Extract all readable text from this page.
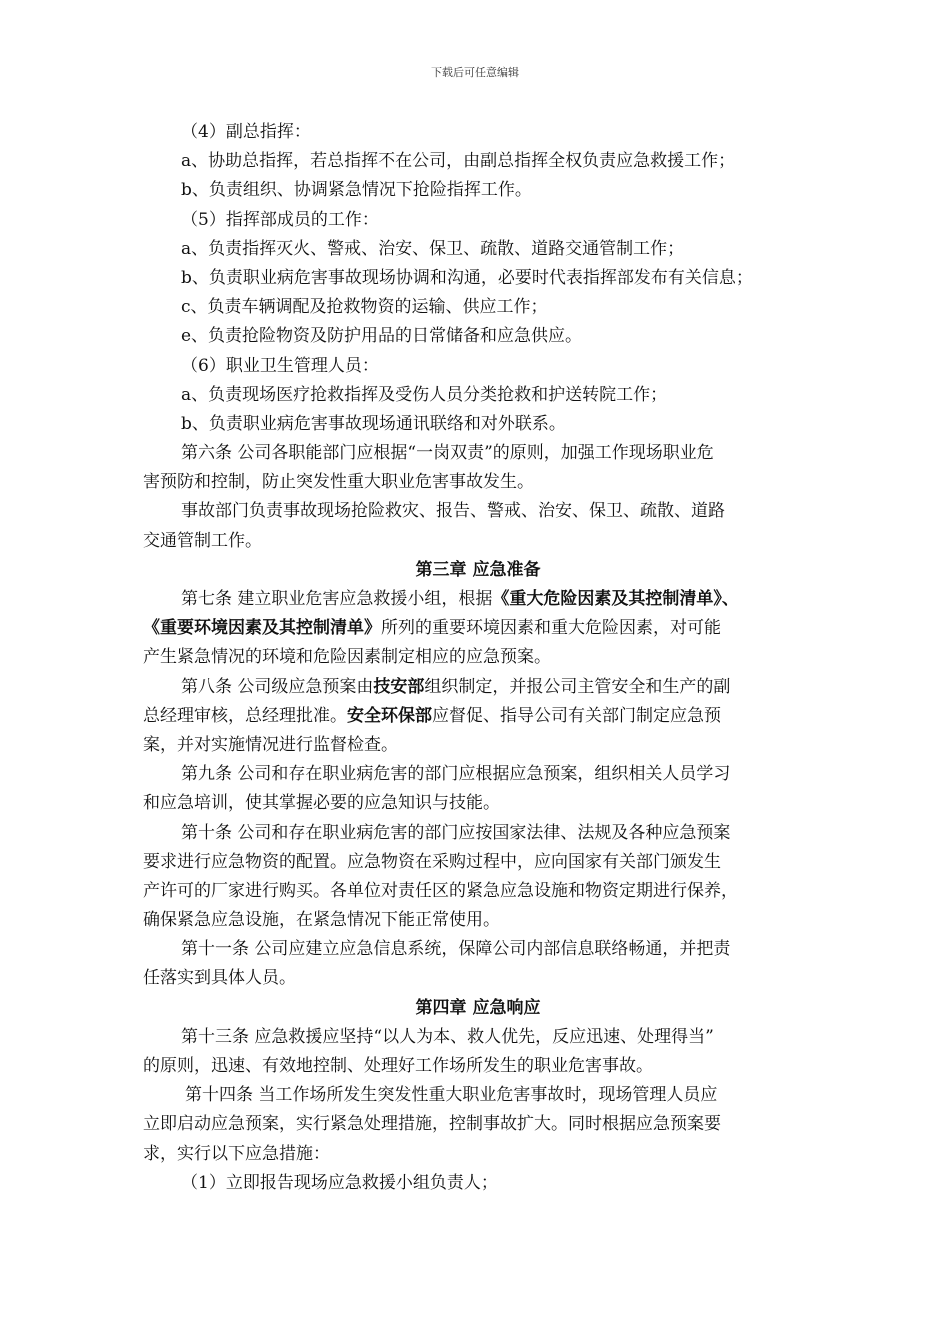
下载后可任意编辑
（4）副总指挥：
a、协助总指挥，若总指挥不在公司，由副总指挥全权负责应急救援工作；
b、负责组织、协调紧急情况下抢险指挥工作。
（5）指挥部成员的工作：
a、负责指挥灭火、警戒、治安、保卫、疏散、道路交通管制工作；
b、负责职业病危害事故现场协调和沟通，必要时代表指挥部发布有关信息；
c、负责车辆调配及抢救物资的运输、供应工作；
e、负责抢险物资及防护用品的日常储备和应急供应。
（6）职业卫生管理人员：
a、负责现场医疗抢救指挥及受伤人员分类抢救和护送转院工作；
b、负责职业病危害事故现场通讯联络和对外联系。
第六条 公司各职能部门应根据“一岗双责”的原则，加强工作现场职业危
害预防和控制，防止突发性重大职业危害事故发生。
事故部门负责事故现场抢险救灾、报告、警戒、治安、保卫、疏散、道路
交通管制工作。
第三章 应急准备
第七条 建立职业危害应急救援小组，根据《重大危险因素及其控制清单》、
《重要环境因素及其控制清单》所列的重要环境因素和重大危险因素，对可能
产生紧急情况的环境和危险因素制定相应的应急预案。
第八条 公司级应急预案由技安部组织制定，并报公司主管安全和生产的副
总经理审核，总经理批准。安全环保部应督促、指导公司有关部门制定应急预
案，并对实施情况进行监督检查。
第九条 公司和存在职业病危害的部门应根据应急预案，组织相关人员学习
和应急培训，使其掌握必要的应急知识与技能。
第十条 公司和存在职业病危害的部门应按国家法律、法规及各种应急预案
要求进行应急物资的配置。应急物资在采购过程中，应向国家有关部门颁发生
产许可的厂家进行购买。各单位对责任区的紧急应急设施和物资定期进行保养，
确保紧急应急设施，在紧急情况下能正常使用。
第十一条 公司应建立应急信息系统，保障公司内部信息联络畅通，并把责
任落实到具体人员。
第四章 应急响应
第十三条 应急救援应坚持“以人为本、救人优先，反应迅速、处理得当”
的原则，迅速、有效地控制、处理好工作场所发生的职业危害事故。
第十四条 当工作场所发生突发性重大职业危害事故时，现场管理人员应
立即启动应急预案，实行紧急处理措施，控制事故扩大。同时根据应急预案要
求，实行以下应急措施：
（1）立即报告现场应急救援小组负责人；
